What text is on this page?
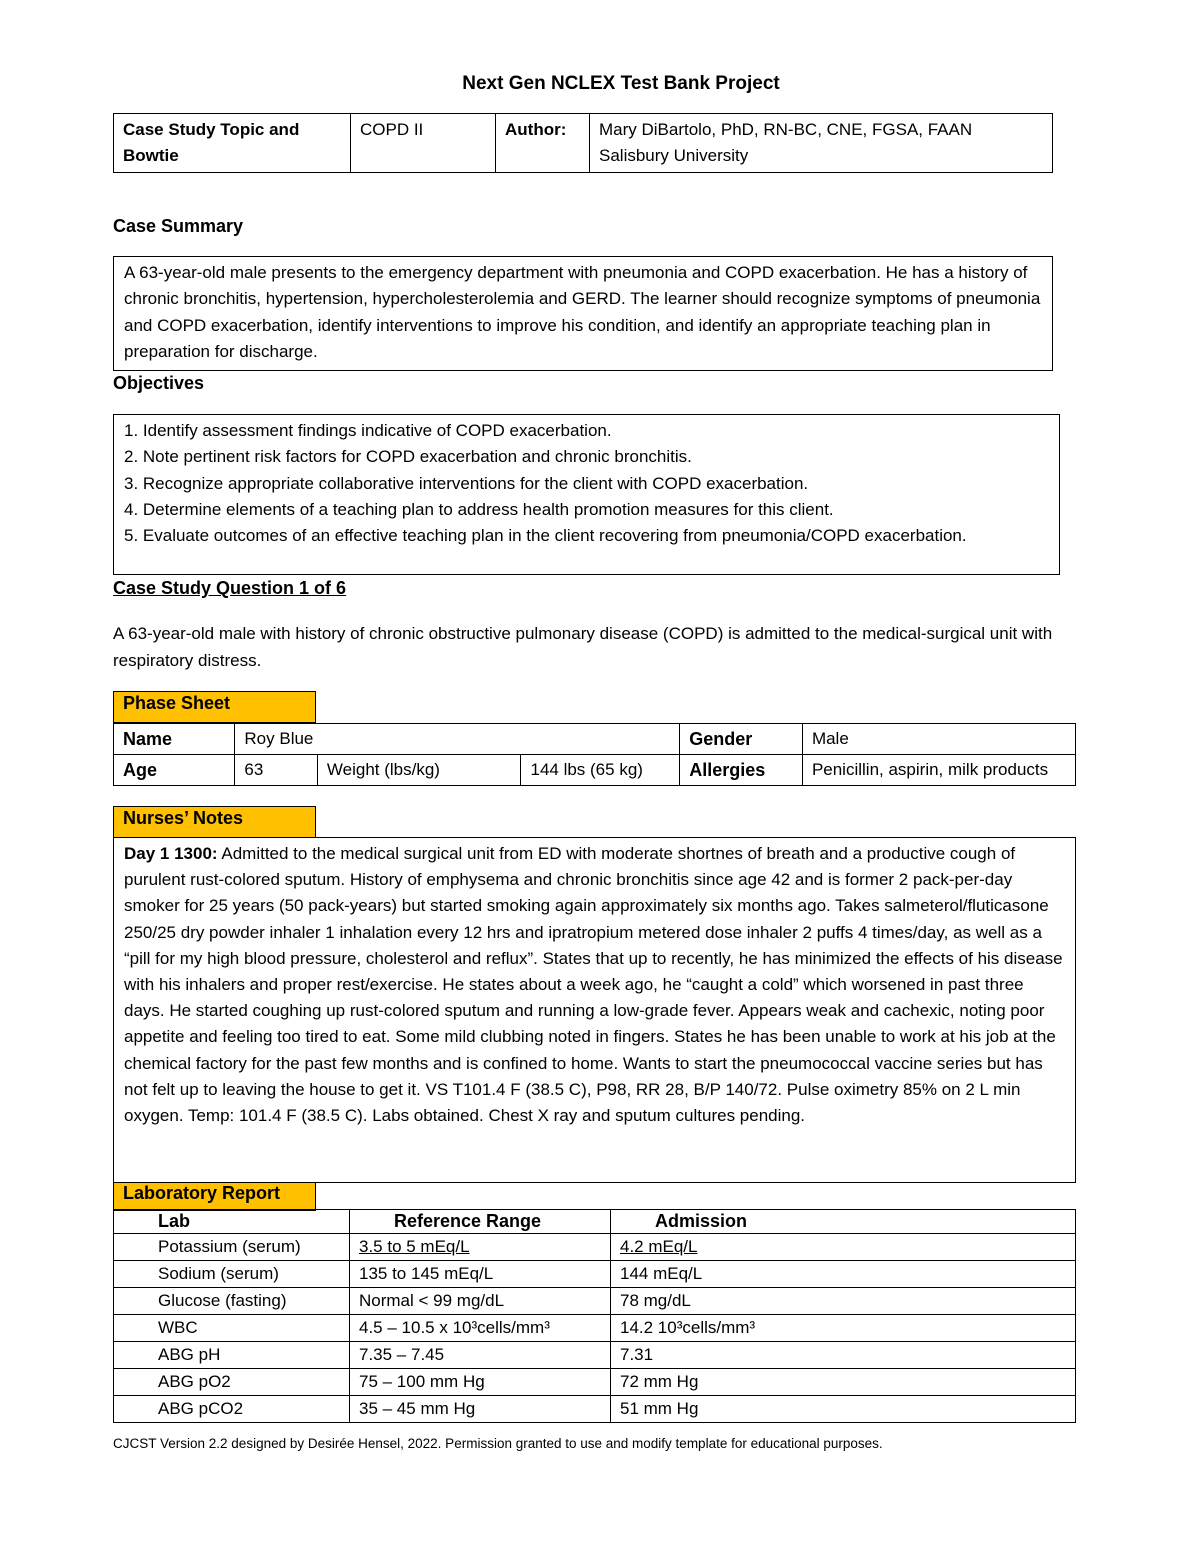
Next Gen NCLEX Test Bank Project
Case Study Topic and Bowtie	COPD II	Author:	Mary DiBartolo, PhD, RN-BC, CNE, FGSA, FAAN
Salisbury University
Case Summary
A 63-year-old male presents to the emergency department with pneumonia and COPD exacerbation. He has a history of chronic bronchitis, hypertension, hypercholesterolemia and GERD. The learner should recognize symptoms of pneumonia and COPD exacerbation, identify interventions to improve his condition, and identify an appropriate teaching plan in preparation for discharge.
Objectives
1. Identify assessment findings indicative of COPD exacerbation.
2. Note pertinent risk factors for COPD exacerbation and chronic bronchitis.
3. Recognize appropriate collaborative interventions for the client with COPD exacerbation.
4. Determine elements of a teaching plan to address health promotion measures for this client.
5. Evaluate outcomes of an effective teaching plan in the client recovering from pneumonia/COPD exacerbation.
Case Study Question 1 of 6
A 63-year-old male with history of chronic obstructive pulmonary disease (COPD) is admitted to the medical-surgical unit with respiratory distress.
Phase Sheet
Name	Roy Blue			Gender	Male
Age	63	Weight (lbs/kg)	144 lbs (65 kg)	Allergies	Penicillin, aspirin, milk products
Nurses’ Notes
Day 1 1300: Admitted to the medical surgical unit from ED with moderate shortnes of breath and a productive cough of purulent rust-colored sputum. History of emphysema and chronic bronchitis since age 42 and is former 2 pack-per-day smoker for 25 years (50 pack-years) but started smoking again approximately six months ago. Takes salmeterol/fluticasone 250/25 dry powder inhaler 1 inhalation every 12 hrs and ipratropium metered dose inhaler 2 puffs 4 times/day, as well as a “pill for my high blood pressure, cholesterol and reflux”. States that up to recently, he has minimized the effects of his disease with his inhalers and proper rest/exercise. He states about a week ago, he “caught a cold” which worsened in past three days. He started coughing up rust-colored sputum and running a low-grade fever. Appears weak and cachexic, noting poor appetite and feeling too tired to eat. Some mild clubbing noted in fingers. States he has been unable to work at his job at the chemical factory for the past few months and is confined to home. Wants to start the pneumococcal vaccine series but has not felt up to leaving the house to get it. VS T101.4 F (38.5 C), P98, RR 28, B/P 140/72. Pulse oximetry 85% on 2 L min oxygen. Temp: 101.4 F (38.5 C). Labs obtained. Chest X ray and sputum cultures pending.
Laboratory Report
Lab	Reference Range	Admission
Potassium (serum)	3.5 to 5 mEq/L	4.2 mEq/L
Sodium (serum)	135 to 145 mEq/L	144 mEq/L
Glucose (fasting)	Normal < 99 mg/dL	78 mg/dL
WBC	4.5 – 10.5 x 10³cells/mm³	14.2 10³cells/mm³
ABG pH	7.35 – 7.45	7.31
ABG pO2	75 – 100 mm Hg	72 mm Hg
ABG pCO2	35 – 45 mm Hg	51 mm Hg
CJCST Version 2.2 designed by Desirée Hensel, 2022. Permission granted to use and modify template for educational purposes.
